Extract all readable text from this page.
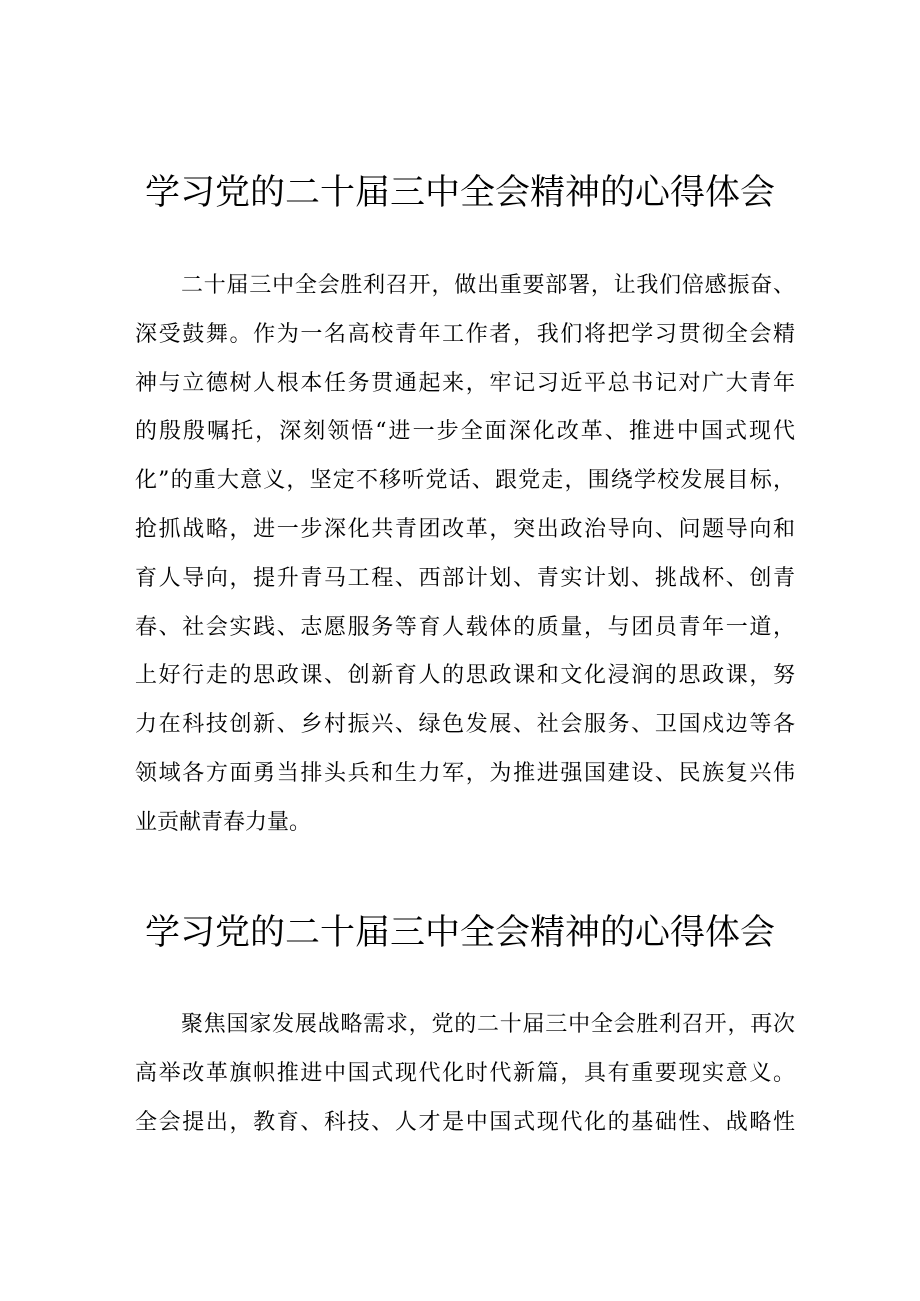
学习党的二十届三中全会精神的心得体会
二十届三中全会胜利召开，做出重要部署，让我们倍感振奋、
深受鼓舞。作为一名高校青年工作者，我们将把学习贯彻全会精
神与立德树人根本任务贯通起来，牢记习近平总书记对广大青年
的殷殷嘱托，深刻领悟“进一步全面深化改革、推进中国式现代
化”的重大意义，坚定不移听党话、跟党走，围绕学校发展目标，
抢抓战略，进一步深化共青团改革，突出政治导向、问题导向和
育人导向，提升青马工程、西部计划、青实计划、挑战杯、创青
春、社会实践、志愿服务等育人载体的质量，与团员青年一道，
上好行走的思政课、创新育人的思政课和文化浸润的思政课，努
力在科技创新、乡村振兴、绿色发展、社会服务、卫国戍边等各
领域各方面勇当排头兵和生力军，为推进强国建设、民族复兴伟
业贡献青春力量。
学习党的二十届三中全会精神的心得体会
聚焦国家发展战略需求，党的二十届三中全会胜利召开，再次
高举改革旗帜推进中国式现代化时代新篇，具有重要现实意义。
全会提出，教育、科技、人才是中国式现代化的基础性、战略性
